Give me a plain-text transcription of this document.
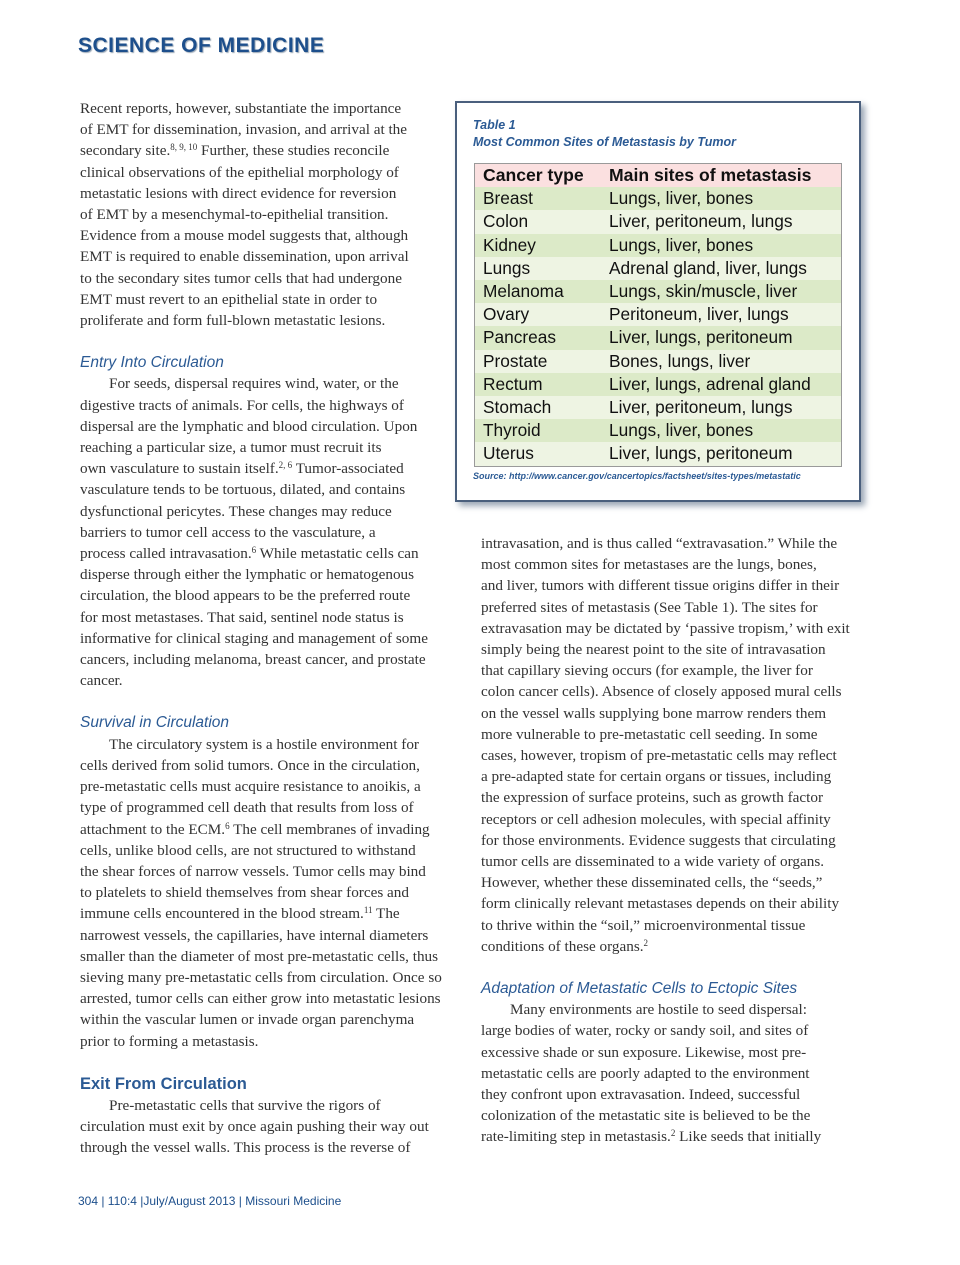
SCIENCE OF MEDICINE

Recent reports, however, substantiate the importance
of EMT for dissemination, invasion, and arrival at the
secondary site.$^{8, 9, 10}$ Further, these studies reconcile
clinical observations of the epithelial morphology of
metastatic lesions with direct evidence for reversion
of EMT by a mesenchymal-to-epithelial transition.
Evidence from a mouse model suggests that, although
EMT is required to enable dissemination, upon arrival
to the secondary sites tumor cells that had undergone
EMT must revert to an epithelial state in order to
proliferate and form full-blown metastatic lesions.

Entry Into Circulation

For seeds, dispersal requires wind, water, or the
digestive tracts of animals. For cells, the highways of
dispersal are the lymphatic and blood circulation. Upon
reaching a particular size, a tumor must recruit its
own vasculature to sustain itself.$^{2, 6}$ Tumor-associated
vasculature tends to be tortuous, dilated, and contains
dysfunctional pericytes. These changes may reduce
barriers to tumor cell access to the vasculature, a
process called intravasation.$^6$ While metastatic cells can
disperse through either the lymphatic or hematogenous
circulation, the blood appears to be the preferred route
for most metastases. That said, sentinel node status is
informative for clinical staging and management of some
cancers, including melanoma, breast cancer, and prostate
cancer.

Survival in Circulation

The circulatory system is a hostile environment for
cells derived from solid tumors. Once in the circulation,
pre-metastatic cells must acquire resistance to anoikis, a
type of programmed cell death that results from loss of
attachment to the ECM.$^6$ The cell membranes of invading
cells, unlike blood cells, are not structured to withstand
the shear forces of narrow vessels. Tumor cells may bind
to platelets to shield themselves from shear forces and
immune cells encountered in the blood stream.$^{11}$ The
narrowest vessels, the capillaries, have internal diameters
smaller than the diameter of most pre-metastatic cells, thus
sieving many pre-metastatic cells from circulation. Once so
arrested, tumor cells can either grow into metastatic lesions
within the vascular lumen or invade organ parenchyma
prior to forming a metastasis.

Exit From Circulation

Pre-metastatic cells that survive the rigors of
circulation must exit by once again pushing their way out
through the vessel walls. This process is the reverse of

Table 1
Most Common Sites of Metastasis by Tumor
Cancer type	Main sites of metastasis
Breast	Lungs, liver, bones
Colon	Liver, peritoneum, lungs
Kidney	Lungs, liver, bones
Lungs	Adrenal gland, liver, lungs
Melanoma	Lungs, skin/muscle, liver
Ovary	Peritoneum, liver, lungs
Pancreas	Liver, lungs, peritoneum
Prostate	Bones, lungs, liver
Rectum	Liver, lungs, adrenal gland
Stomach	Liver, peritoneum, lungs
Thyroid	Lungs, liver, bones
Uterus	Liver, lungs, peritoneum
Source: http://www.cancer.gov/cancertopics/factsheet/sites-types/metastatic

intravasation, and is thus called “extravasation.” While the
most common sites for metastases are the lungs, bones,
and liver, tumors with different tissue origins differ in their
preferred sites of metastasis (See Table 1). The sites for
extravasation may be dictated by ‘passive tropism,’ with exit
simply being the nearest point to the site of intravasation
that capillary sieving occurs (for example, the liver for
colon cancer cells). Absence of closely apposed mural cells
on the vessel walls supplying bone marrow renders them
more vulnerable to pre-metastatic cell seeding. In some
cases, however, tropism of pre-metastatic cells may reflect
a pre-adapted state for certain organs or tissues, including
the expression of surface proteins, such as growth factor
receptors or cell adhesion molecules, with special affinity
for those environments. Evidence suggests that circulating
tumor cells are disseminated to a wide variety of organs.
However, whether these disseminated cells, the “seeds,”
form clinically relevant metastases depends on their ability
to thrive within the “soil,” microenvironmental tissue
conditions of these organs.$^2$

Adaptation of Metastatic Cells to Ectopic Sites

Many environments are hostile to seed dispersal:
large bodies of water, rocky or sandy soil, and sites of
excessive shade or sun exposure. Likewise, most pre-
metastatic cells are poorly adapted to the environment
they confront upon extravasation. Indeed, successful
colonization of the metastatic site is believed to be the
rate-limiting step in metastasis.$^2$ Like seeds that initially

304 | 110:4 |July/August 2013 | Missouri Medicine
